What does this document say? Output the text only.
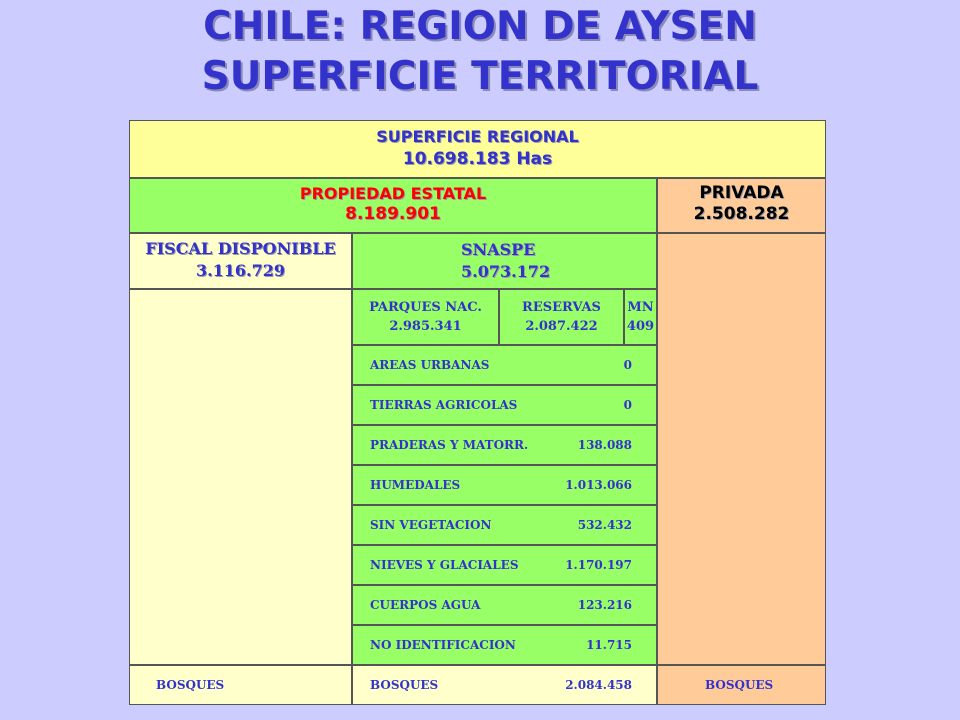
CHILE: REGION DE AYSEN
SUPERFICIE TERRITORIAL
SUPERFICIE REGIONAL
10.698.183 Has
PROPIEDAD ESTATAL
8.189.901
PRIVADA
2.508.282
FISCAL DISPONIBLE
3.116.729
SNASPE
5.073.172
PARQUES NAC.
2.985.341
RESERVAS
2.087.422
MN
409
AREAS URBANAS	0
TIERRAS AGRICOLAS	0
PRADERAS Y MATORR.	138.088
HUMEDALES	1.013.066
SIN VEGETACION	532.432
NIEVES Y GLACIALES	1.170.197
CUERPOS AGUA	123.216
NO IDENTIFICACION	11.715
BOSQUES	BOSQUES	2.084.458	BOSQUES
